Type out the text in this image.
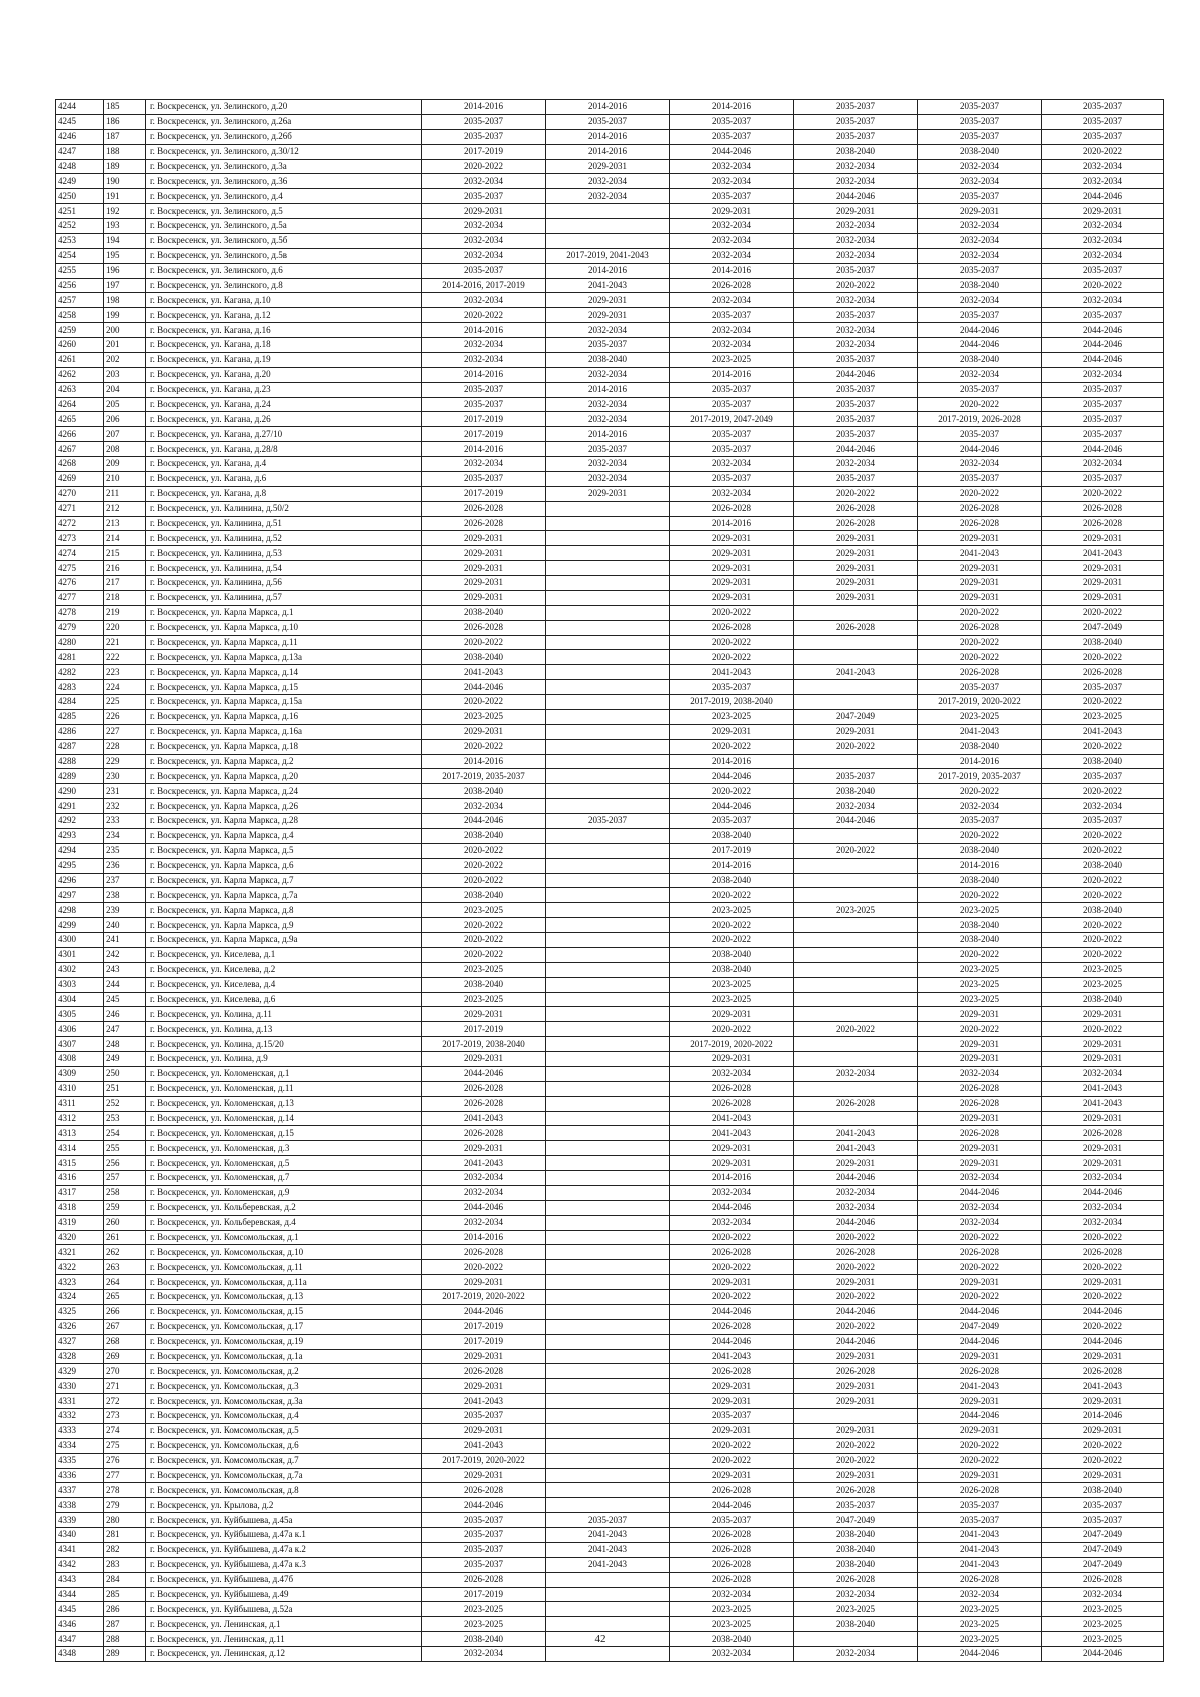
4244	185	г. Воскресенск, ул. Зелинского, д.20	2014-2016	2014-2016	2014-2016	2035-2037	2035-2037	2035-2037
4245	186	г. Воскресенск, ул. Зелинского, д.26а	2035-2037	2035-2037	2035-2037	2035-2037	2035-2037	2035-2037
4246	187	г. Воскресенск, ул. Зелинского, д.26б	2035-2037	2014-2016	2035-2037	2035-2037	2035-2037	2035-2037
4247	188	г. Воскресенск, ул. Зелинского, д.30/12	2017-2019	2014-2016	2044-2046	2038-2040	2038-2040	2020-2022
4248	189	г. Воскресенск, ул. Зелинского, д.3а	2020-2022	2029-2031	2032-2034	2032-2034	2032-2034	2032-2034
4249	190	г. Воскресенск, ул. Зелинского, д.36	2032-2034	2032-2034	2032-2034	2032-2034	2032-2034	2032-2034
4250	191	г. Воскресенск, ул. Зелинского, д.4	2035-2037	2032-2034	2035-2037	2044-2046	2035-2037	2044-2046
4251	192	г. Воскресенск, ул. Зелинского, д.5	2029-2031		2029-2031	2029-2031	2029-2031	2029-2031
4252	193	г. Воскресенск, ул. Зелинского, д.5а	2032-2034		2032-2034	2032-2034	2032-2034	2032-2034
4253	194	г. Воскресенск, ул. Зелинского, д.5б	2032-2034		2032-2034	2032-2034	2032-2034	2032-2034
4254	195	г. Воскресенск, ул. Зелинского, д.5в	2032-2034	2017-2019, 2041-2043	2032-2034	2032-2034	2032-2034	2032-2034
4255	196	г. Воскресенск, ул. Зелинского, д.6	2035-2037	2014-2016	2014-2016	2035-2037	2035-2037	2035-2037
4256	197	г. Воскресенск, ул. Зелинского, д.8	2014-2016, 2017-2019	2041-2043	2026-2028	2020-2022	2038-2040	2020-2022
4257	198	г. Воскресенск, ул. Кагана, д.10	2032-2034	2029-2031	2032-2034	2032-2034	2032-2034	2032-2034
4258	199	г. Воскресенск, ул. Кагана, д.12	2020-2022	2029-2031	2035-2037	2035-2037	2035-2037	2035-2037
4259	200	г. Воскресенск, ул. Кагана, д.16	2014-2016	2032-2034	2032-2034	2032-2034	2044-2046	2044-2046
4260	201	г. Воскресенск, ул. Кагана, д.18	2032-2034	2035-2037	2032-2034	2032-2034	2044-2046	2044-2046
4261	202	г. Воскресенск, ул. Кагана, д.19	2032-2034	2038-2040	2023-2025	2035-2037	2038-2040	2044-2046
4262	203	г. Воскресенск, ул. Кагана, д.20	2014-2016	2032-2034	2014-2016	2044-2046	2032-2034	2032-2034
4263	204	г. Воскресенск, ул. Кагана, д.23	2035-2037	2014-2016	2035-2037	2035-2037	2035-2037	2035-2037
4264	205	г. Воскресенск, ул. Кагана, д.24	2035-2037	2032-2034	2035-2037	2035-2037	2020-2022	2035-2037
4265	206	г. Воскресенск, ул. Кагана, д.26	2017-2019	2032-2034	2017-2019, 2047-2049	2035-2037	2017-2019, 2026-2028	2035-2037
4266	207	г. Воскресенск, ул. Кагана, д.27/10	2017-2019	2014-2016	2035-2037	2035-2037	2035-2037	2035-2037
4267	208	г. Воскресенск, ул. Кагана, д.28/8	2014-2016	2035-2037	2035-2037	2044-2046	2044-2046	2044-2046
4268	209	г. Воскресенск, ул. Кагана, д.4	2032-2034	2032-2034	2032-2034	2032-2034	2032-2034	2032-2034
4269	210	г. Воскресенск, ул. Кагана, д.6	2035-2037	2032-2034	2035-2037	2035-2037	2035-2037	2035-2037
4270	211	г. Воскресенск, ул. Кагана, д.8	2017-2019	2029-2031	2032-2034	2020-2022	2020-2022	2020-2022
4271	212	г. Воскресенск, ул. Калинина, д.50/2	2026-2028		2026-2028	2026-2028	2026-2028	2026-2028
4272	213	г. Воскресенск, ул. Калинина, д.51	2026-2028		2014-2016	2026-2028	2026-2028	2026-2028
4273	214	г. Воскресенск, ул. Калинина, д.52	2029-2031		2029-2031	2029-2031	2029-2031	2029-2031
4274	215	г. Воскресенск, ул. Калинина, д.53	2029-2031		2029-2031	2029-2031	2041-2043	2041-2043
4275	216	г. Воскресенск, ул. Калинина, д.54	2029-2031		2029-2031	2029-2031	2029-2031	2029-2031
4276	217	г. Воскресенск, ул. Калинина, д.56	2029-2031		2029-2031	2029-2031	2029-2031	2029-2031
4277	218	г. Воскресенск, ул. Калинина, д.57	2029-2031		2029-2031	2029-2031	2029-2031	2029-2031
4278	219	г. Воскресенск, ул. Карла Маркса, д.1	2038-2040		2020-2022		2020-2022	2020-2022
4279	220	г. Воскресенск, ул. Карла Маркса, д.10	2026-2028		2026-2028	2026-2028	2026-2028	2047-2049
4280	221	г. Воскресенск, ул. Карла Маркса, д.11	2020-2022		2020-2022		2020-2022	2038-2040
4281	222	г. Воскресенск, ул. Карла Маркса, д.13а	2038-2040		2020-2022		2020-2022	2020-2022
4282	223	г. Воскресенск, ул. Карла Маркса, д.14	2041-2043		2041-2043	2041-2043	2026-2028	2026-2028
4283	224	г. Воскресенск, ул. Карла Маркса, д.15	2044-2046		2035-2037		2035-2037	2035-2037
4284	225	г. Воскресенск, ул. Карла Маркса, д.15а	2020-2022		2017-2019, 2038-2040		2017-2019, 2020-2022	2020-2022
4285	226	г. Воскресенск, ул. Карла Маркса, д.16	2023-2025		2023-2025	2047-2049	2023-2025	2023-2025
4286	227	г. Воскресенск, ул. Карла Маркса, д.16а	2029-2031		2029-2031	2029-2031	2041-2043	2041-2043
4287	228	г. Воскресенск, ул. Карла Маркса, д.18	2020-2022		2020-2022	2020-2022	2038-2040	2020-2022
4288	229	г. Воскресенск, ул. Карла Маркса, д.2	2014-2016		2014-2016		2014-2016	2038-2040
4289	230	г. Воскресенск, ул. Карла Маркса, д.20	2017-2019, 2035-2037		2044-2046	2035-2037	2017-2019, 2035-2037	2035-2037
4290	231	г. Воскресенск, ул. Карла Маркса, д.24	2038-2040		2020-2022	2038-2040	2020-2022	2020-2022
4291	232	г. Воскресенск, ул. Карла Маркса, д.26	2032-2034		2044-2046	2032-2034	2032-2034	2032-2034
4292	233	г. Воскресенск, ул. Карла Маркса, д.28	2044-2046	2035-2037	2035-2037	2044-2046	2035-2037	2035-2037
4293	234	г. Воскресенск, ул. Карла Маркса, д.4	2038-2040		2038-2040		2020-2022	2020-2022
4294	235	г. Воскресенск, ул. Карла Маркса, д.5	2020-2022		2017-2019	2020-2022	2038-2040	2020-2022
4295	236	г. Воскресенск, ул. Карла Маркса, д.6	2020-2022		2014-2016		2014-2016	2038-2040
4296	237	г. Воскресенск, ул. Карла Маркса, д.7	2020-2022		2038-2040		2038-2040	2020-2022
4297	238	г. Воскресенск, ул. Карла Маркса, д.7а	2038-2040		2020-2022		2020-2022	2020-2022
4298	239	г. Воскресенск, ул. Карла Маркса, д.8	2023-2025		2023-2025	2023-2025	2023-2025	2038-2040
4299	240	г. Воскресенск, ул. Карла Маркса, д.9	2020-2022		2020-2022		2038-2040	2020-2022
4300	241	г. Воскресенск, ул. Карла Маркса, д.9а	2020-2022		2020-2022		2038-2040	2020-2022
4301	242	г. Воскресенск, ул. Киселева, д.1	2020-2022		2038-2040		2020-2022	2020-2022
4302	243	г. Воскресенск, ул. Киселева, д.2	2023-2025		2038-2040		2023-2025	2023-2025
4303	244	г. Воскресенск, ул. Киселева, д.4	2038-2040		2023-2025		2023-2025	2023-2025
4304	245	г. Воскресенск, ул. Киселева, д.6	2023-2025		2023-2025		2023-2025	2038-2040
4305	246	г. Воскресенск, ул. Колина, д.11	2029-2031		2029-2031		2029-2031	2029-2031
4306	247	г. Воскресенск, ул. Колина, д.13	2017-2019		2020-2022	2020-2022	2020-2022	2020-2022
4307	248	г. Воскресенск, ул. Колина, д.15/20	2017-2019, 2038-2040		2017-2019, 2020-2022		2029-2031	2029-2031
4308	249	г. Воскресенск, ул. Колина, д.9	2029-2031		2029-2031		2029-2031	2029-2031
4309	250	г. Воскресенск, ул. Коломенская, д.1	2044-2046		2032-2034	2032-2034	2032-2034	2032-2034
4310	251	г. Воскресенск, ул. Коломенская, д.11	2026-2028		2026-2028		2026-2028	2041-2043
4311	252	г. Воскресенск, ул. Коломенская, д.13	2026-2028		2026-2028	2026-2028	2026-2028	2041-2043
4312	253	г. Воскресенск, ул. Коломенская, д.14	2041-2043		2041-2043		2029-2031	2029-2031
4313	254	г. Воскресенск, ул. Коломенская, д.15	2026-2028		2041-2043	2041-2043	2026-2028	2026-2028
4314	255	г. Воскресенск, ул. Коломенская, д.3	2029-2031		2029-2031	2041-2043	2029-2031	2029-2031
4315	256	г. Воскресенск, ул. Коломенская, д.5	2041-2043		2029-2031	2029-2031	2029-2031	2029-2031
4316	257	г. Воскресенск, ул. Коломенская, д.7	2032-2034		2014-2016	2044-2046	2032-2034	2032-2034
4317	258	г. Воскресенск, ул. Коломенская, д.9	2032-2034		2032-2034	2032-2034	2044-2046	2044-2046
4318	259	г. Воскресенск, ул. Кольберевская, д.2	2044-2046		2044-2046	2032-2034	2032-2034	2032-2034
4319	260	г. Воскресенск, ул. Кольберевская, д.4	2032-2034		2032-2034	2044-2046	2032-2034	2032-2034
4320	261	г. Воскресенск, ул. Комсомольская, д.1	2014-2016		2020-2022	2020-2022	2020-2022	2020-2022
4321	262	г. Воскресенск, ул. Комсомольская, д.10	2026-2028		2026-2028	2026-2028	2026-2028	2026-2028
4322	263	г. Воскресенск, ул. Комсомольская, д.11	2020-2022		2020-2022	2020-2022	2020-2022	2020-2022
4323	264	г. Воскресенск, ул. Комсомольская, д.11а	2029-2031		2029-2031	2029-2031	2029-2031	2029-2031
4324	265	г. Воскресенск, ул. Комсомольская, д.13	2017-2019, 2020-2022		2020-2022	2020-2022	2020-2022	2020-2022
4325	266	г. Воскресенск, ул. Комсомольская, д.15	2044-2046		2044-2046	2044-2046	2044-2046	2044-2046
4326	267	г. Воскресенск, ул. Комсомольская, д.17	2017-2019		2026-2028	2020-2022	2047-2049	2020-2022
4327	268	г. Воскресенск, ул. Комсомольская, д.19	2017-2019		2044-2046	2044-2046	2044-2046	2044-2046
4328	269	г. Воскресенск, ул. Комсомольская, д.1а	2029-2031		2041-2043	2029-2031	2029-2031	2029-2031
4329	270	г. Воскресенск, ул. Комсомольская, д.2	2026-2028		2026-2028	2026-2028	2026-2028	2026-2028
4330	271	г. Воскресенск, ул. Комсомольская, д.3	2029-2031		2029-2031	2029-2031	2041-2043	2041-2043
4331	272	г. Воскресенск, ул. Комсомольская, д.3а	2041-2043		2029-2031	2029-2031	2029-2031	2029-2031
4332	273	г. Воскресенск, ул. Комсомольская, д.4	2035-2037		2035-2037		2044-2046	2014-2046
4333	274	г. Воскресенск, ул. Комсомольская, д.5	2029-2031		2029-2031	2029-2031	2029-2031	2029-2031
4334	275	г. Воскресенск, ул. Комсомольская, д.6	2041-2043		2020-2022	2020-2022	2020-2022	2020-2022
4335	276	г. Воскресенск, ул. Комсомольская, д.7	2017-2019, 2020-2022		2020-2022	2020-2022	2020-2022	2020-2022
4336	277	г. Воскресенск, ул. Комсомольская, д.7а	2029-2031		2029-2031	2029-2031	2029-2031	2029-2031
4337	278	г. Воскресенск, ул. Комсомольская, д.8	2026-2028		2026-2028	2026-2028	2026-2028	2038-2040
4338	279	г. Воскресенск, ул. Крылова, д.2	2044-2046		2044-2046	2035-2037	2035-2037	2035-2037
4339	280	г. Воскресенск, ул. Куйбышева, д.45а	2035-2037	2035-2037	2035-2037	2047-2049	2035-2037	2035-2037
4340	281	г. Воскресенск, ул. Куйбышева, д.47а к.1	2035-2037	2041-2043	2026-2028	2038-2040	2041-2043	2047-2049
4341	282	г. Воскресенск, ул. Куйбышева, д.47а к.2	2035-2037	2041-2043	2026-2028	2038-2040	2041-2043	2047-2049
4342	283	г. Воскресенск, ул. Куйбышева, д.47а к.3	2035-2037	2041-2043	2026-2028	2038-2040	2041-2043	2047-2049
4343	284	г. Воскресенск, ул. Куйбышева, д.47б	2026-2028		2026-2028	2026-2028	2026-2028	2026-2028
4344	285	г. Воскресенск, ул. Куйбышева, д.49	2017-2019		2032-2034	2032-2034	2032-2034	2032-2034
4345	286	г. Воскресенск, ул. Куйбышева, д.52а	2023-2025		2023-2025	2023-2025	2023-2025	2023-2025
4346	287	г. Воскресенск, ул. Ленинская, д.1	2023-2025		2023-2025	2038-2040	2023-2025	2023-2025
4347	288	г. Воскресенск, ул. Ленинская, д.11	2038-2040		2038-2040		2023-2025	2023-2025
4348	289	г. Воскресенск, ул. Ленинская, д.12	2032-2034		2032-2034	2032-2034	2044-2046	2044-2046
42
